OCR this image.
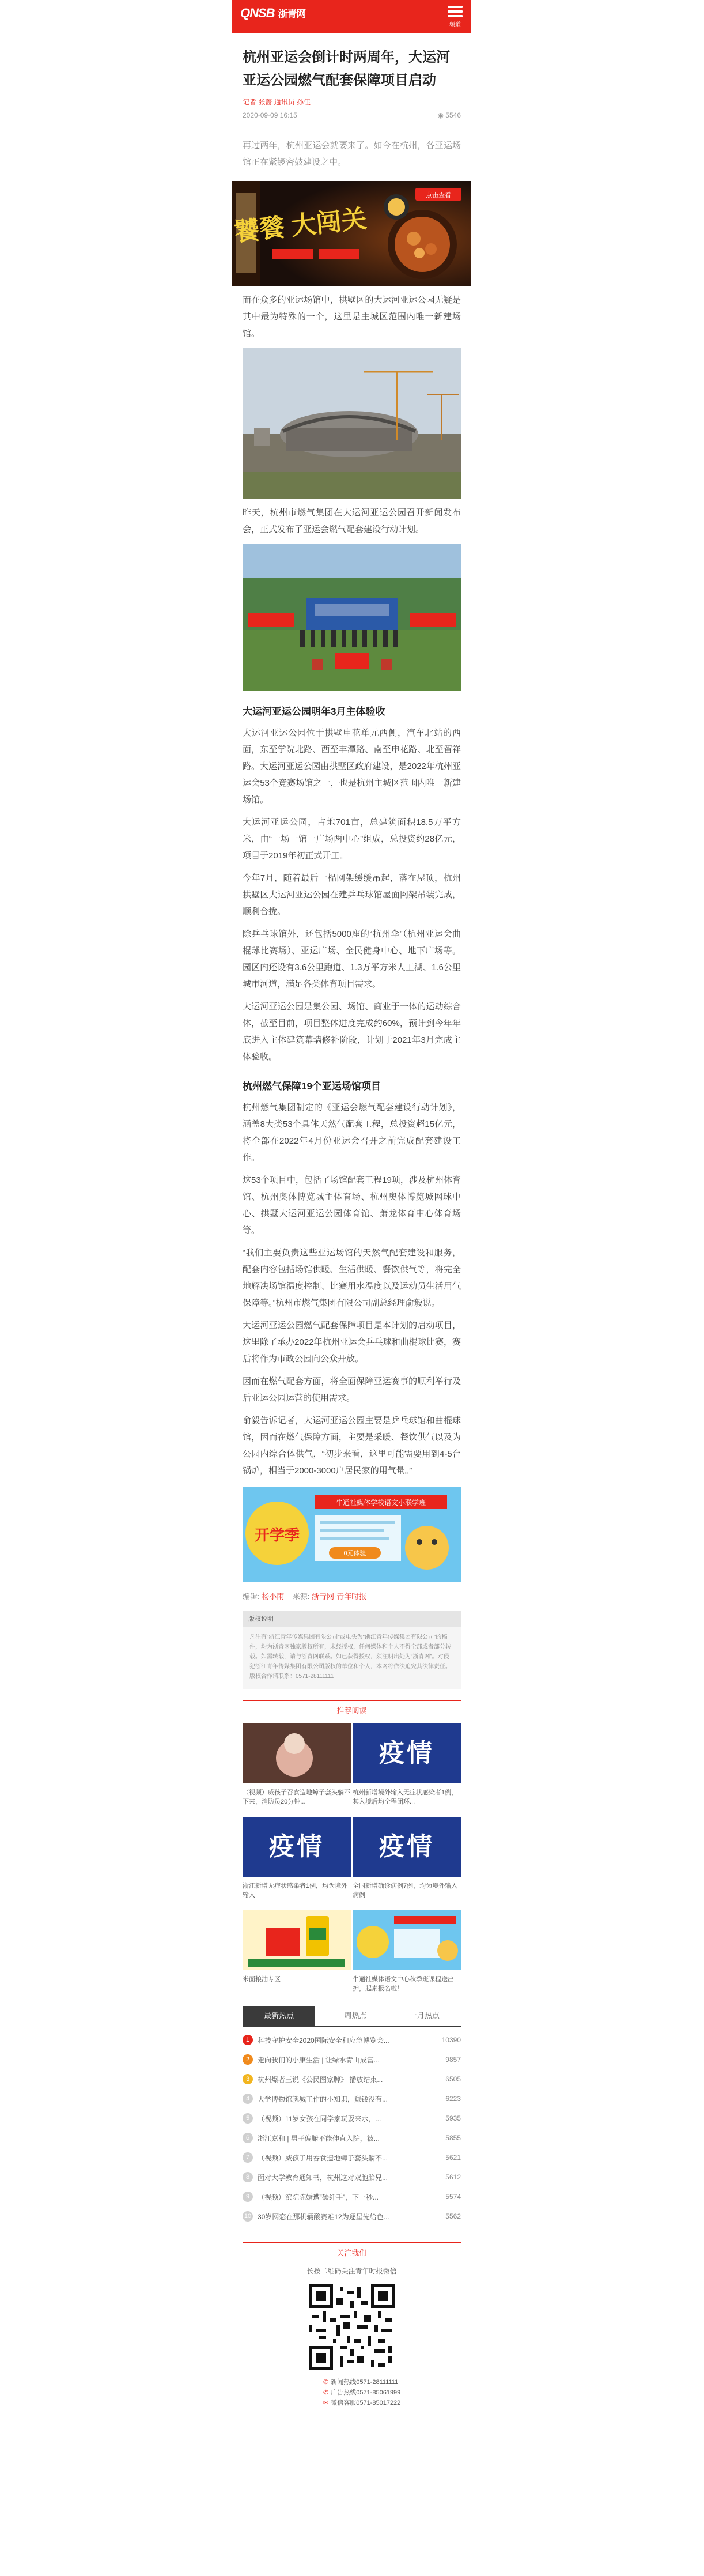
QNSB 浙青网
频道
杭州亚运会倒计时两周年，大运河亚运公园燃气配套保障项目启动
记者 张蔷 通讯员 孙佳
2020-09-09 16:15	◉ 5546

再过两年，杭州亚运会就要来了。如今在杭州，各亚运场馆正在紧锣密鼓建设之中。

点击查看
饕餮 大闯关

而在众多的亚运场馆中，拱墅区的大运河亚运公园无疑是其中最为特殊的一个，这里是主城区范围内唯一新建场馆。

昨天，杭州市燃气集团在大运河亚运公园召开新闻发布会，正式发布了亚运会燃气配套建设行动计划。

大运河亚运公园明年3月主体验收

大运河亚运公园位于拱墅申花单元西侧，汽车北站的西面，东至学院北路、西至丰潭路、南至申花路、北至留祥路。大运河亚运公园由拱墅区政府建设，是2022年杭州亚运会53个竞赛场馆之一，也是杭州主城区范围内唯一新建场馆。

大运河亚运公园，占地701亩，总建筑面积18.5万平方米，由“一场一馆一广场两中心”组成，总投资约28亿元，项目于2019年初正式开工。

今年7月，随着最后一榀网架缓缓吊起，落在屋顶，杭州拱墅区大运河亚运公园在建乒乓球馆屋面网架吊装完成，顺利合拢。

除乒乓球馆外，还包括5000座的“杭州伞”（杭州亚运会曲棍球比赛场）、亚运广场、全民健身中心、地下广场等。园区内还设有3.6公里跑道、1.3万平方米人工湖、1.6公里城市河道，满足各类体育项目需求。

大运河亚运公园是集公园、场馆、商业于一体的运动综合体，截至目前，项目整体进度完成约60%，预计到今年年底进入主体建筑幕墙修补阶段，计划于2021年3月完成主体验收。

杭州燃气保障19个亚运场馆项目

杭州燃气集团制定的《亚运会燃气配套建设行动计划》，涵盖8大类53个具体天然气配套工程，总投资超15亿元，将全部在2022年4月份亚运会召开之前完成配套建设工作。

这53个项目中，包括了场馆配套工程19项，涉及杭州体育馆、杭州奥体博览城主体育场、杭州奥体博览城网球中心、拱墅大运河亚运公园体育馆、萧龙体育中心体育场等。

“我们主要负责这些亚运场馆的天然气配套建设和服务，配套内容包括场馆供暖、生活供暖、餐饮供气等，将完全地解决场馆温度控制、比赛用水温度以及运动员生活用气保障等。”杭州市燃气集团有限公司副总经理俞毅说。

大运河亚运公园燃气配套保障项目是本计划的启动项目，这里除了承办2022年杭州亚运会乒乓球和曲棍球比赛，赛后将作为市政公园向公众开放。

因而在燃气配套方面，将全面保障亚运赛事的顺利举行及后亚运公园运营的使用需求。

俞毅告诉记者，大运河亚运公园主要是乒乓球馆和曲棍球馆，因而在燃气保障方面，主要是采暖、餐饮供气以及为公园内综合体供气，“初步来看，这里可能需要用到4-5台锅炉，相当于2000-3000户居民家的用气量。”

开学季
牛通社媒体学校语文小联学班
0元体验
编辑: 杨小雨 来源: 浙青网-青年时报
版权说明
凡注有“浙江青年传媒集团有限公司”或电头为“浙江青年传媒集团有限公司”的稿件，均为浙青网独家版权所有，未经授权，任何媒体和个人不得全部或者部分转载。如需转载，请与浙青网联系。如已获得授权，须注明出处为“浙青网”。对侵犯浙江青年传媒集团有限公司版权的单位和个人，本网将依法追究其法律责任。版权合作请联系：0571-28111111
推荐阅读
（视频）威孩子吞食造地蟑子套头躺不下来，消防员20分钟...
疫情
杭州新增境外输入无症状感染者1例，其入境后均全程闭环...
疫情
浙江新增无症状感染者1例，均为境外输入
疫情
全国新增确诊病例7例，均为境外输入病例
米面粮油专区	牛通社媒体语文中心秋季班课程送出护，起素报名啦！
最新热点	一周热点	一月热点
1	科技守护安全2020国际安全和应急博览会...	10390
2	走向我们的小康生活 | 让绿水青山成富...	9857
3	杭州爆者三说《公民图家牌》 播放结束...	6505
4	大学博物馆就城工作的小知识，赚钱没有...	6223
5	（视频）11岁女孩在同学家玩耍来水，...	5935
6	浙江嘉和 | 男子偏腑不能伸直入院，被...	5855
7	（视频）威孩子用吞食造地蟑子套头躺不...	5621
8	面对大学教育通知书，杭州这对双胞胎兄...	5612
9	（视频）滨院陈婚遭“碳纤手”，下一秒...	5574
10 30岁网恋在那机辆酸赛难12为逐星先给色...	5562
关注我们
长按二维码关注青年时报微信
✆ 新闻热线0571-28111111
✆ 广告热线0571-85061999
✉ 微信客服0571-85017222
